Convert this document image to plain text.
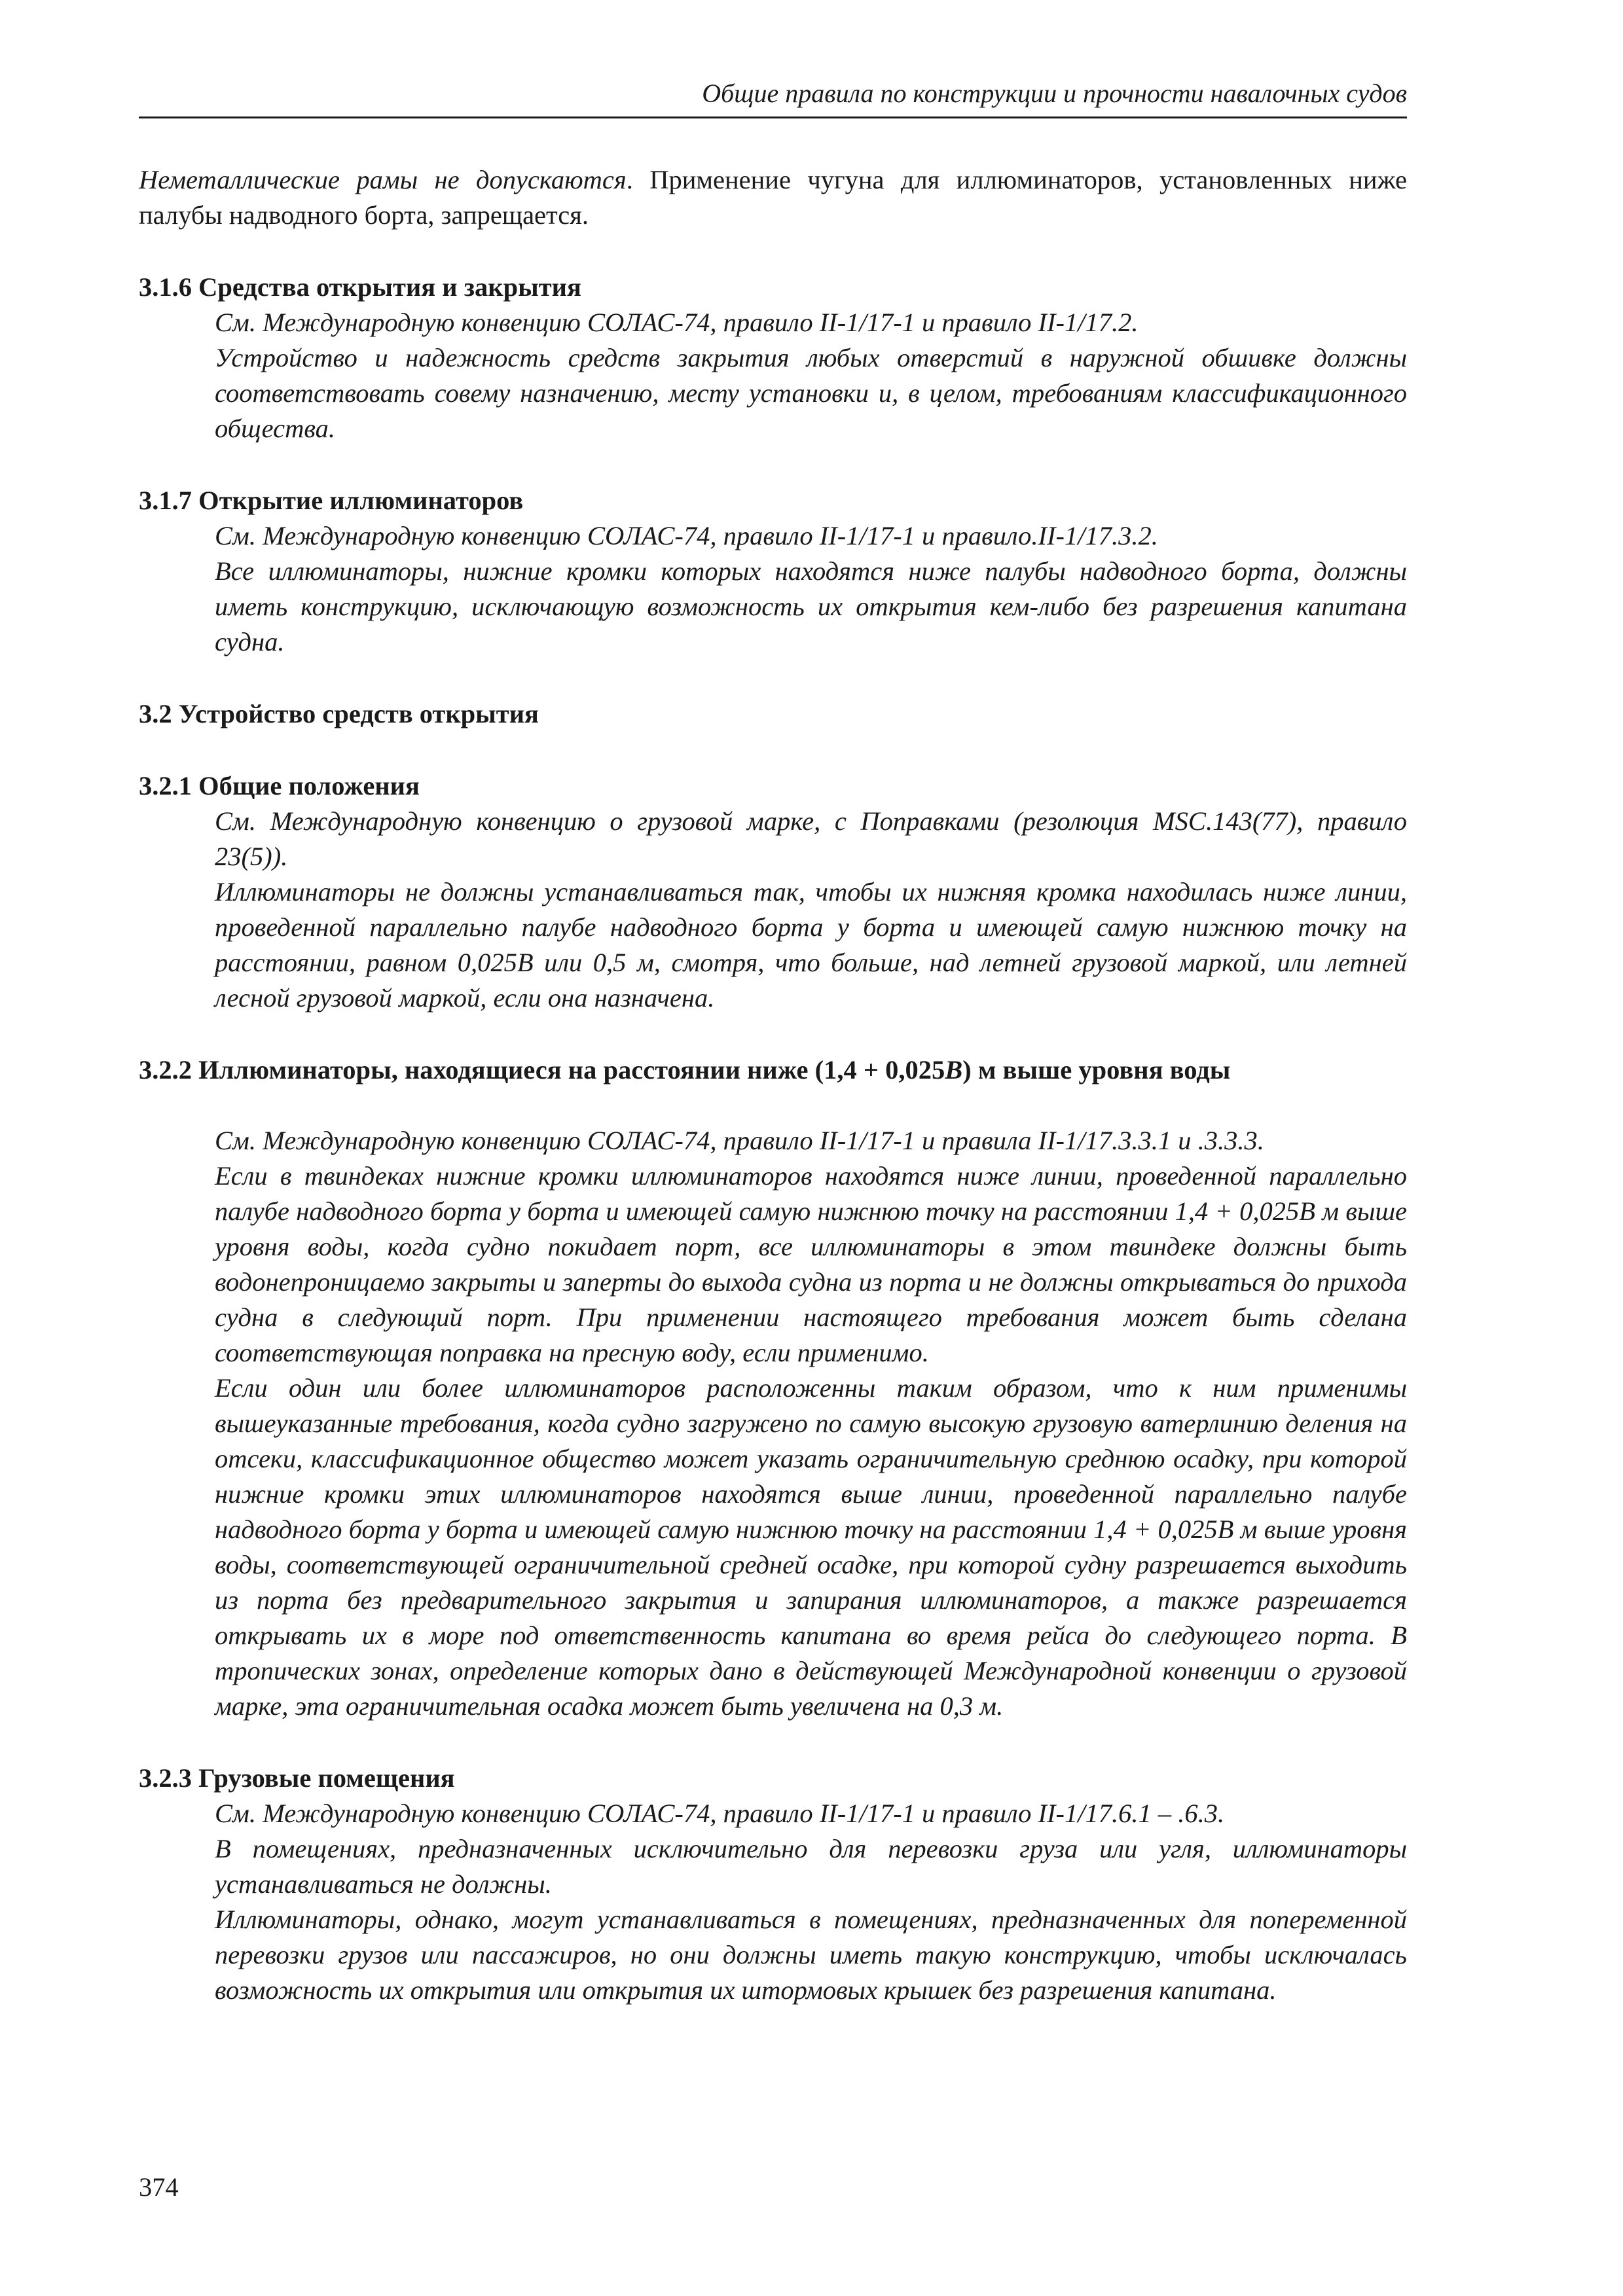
Общие правила по конструкции и прочности навалочных судов

Неметаллические рамы не допускаются. Применение чугуна для иллюминаторов, установленных ниже палубы надводного борта, запрещается.

3.1.6 Средства открытия и закрытия

См. Международную конвенцию СОЛАС-74, правило II-1/17-1 и правило II-1/17.2.

Устройство и надежность средств закрытия любых отверстий в наружной обшивке должны соответствовать совему назначению, месту установки и, в целом, требованиям классификационного общества.

3.1.7 Открытие иллюминаторов

См. Международную конвенцию СОЛАС-74, правило II-1/17-1 и правило.II-1/17.3.2.

Все иллюминаторы, нижние кромки которых находятся ниже палубы надводного борта, должны иметь конструкцию, исключающую возможность их открытия кем-либо без разрешения капитана судна.

3.2 Устройство средств открытия

3.2.1 Общие положения

См. Международную конвенцию о грузовой марке, с Поправками (резолюция MSC.143(77), правило 23(5)).

Иллюминаторы не должны устанавливаться так, чтобы их нижняя кромка находилась ниже линии, проведенной параллельно палубе надводного борта у борта и имеющей самую нижнюю точку на расстоянии, равном 0,025B или 0,5 м, смотря, что больше, над летней грузовой маркой, или летней лесной грузовой маркой, если она назначена.

3.2.2 Иллюминаторы, находящиеся на расстоянии ниже (1,4 + 0,025B) м выше уровня воды

См. Международную конвенцию СОЛАС-74, правило II-1/17-1 и правила II-1/17.3.3.1 и .3.3.3.

Если в твиндеках нижние кромки иллюминаторов находятся ниже линии, проведенной параллельно палубе надводного борта у борта и имеющей самую нижнюю точку на расстоянии 1,4 + 0,025B м выше уровня воды, когда судно покидает порт, все иллюминаторы в этом твиндеке должны быть водонепроницаемо закрыты и заперты до выхода судна из порта и не должны открываться до прихода судна в следующий порт. При применении настоящего требования может быть сделана соответствующая поправка на пресную воду, если применимо.

Если один или более иллюминаторов расположенны таким образом, что к ним применимы вышеуказанные требования, когда судно загружено по самую высокую грузовую ватерлинию деления на отсеки, классификационное общество может указать ограничительную среднюю осадку, при которой нижние кромки этих иллюминаторов находятся выше линии, проведенной параллельно палубе надводного борта у борта и имеющей самую нижнюю точку на расстоянии 1,4 + 0,025B м выше уровня воды, соответствующей ограничительной средней осадке, при которой судну разрешается выходить из порта без предварительного закрытия и запирания иллюминаторов, а также разрешается открывать их в море под ответственность капитана во время рейса до следующего порта. В тропических зонах, определение которых дано в действующей Международной конвенции о грузовой марке, эта ограничительная осадка может быть увеличена на 0,3 м.

3.2.3 Грузовые помещения

См. Международную конвенцию СОЛАС-74, правило II-1/17-1 и правило II-1/17.6.1 – .6.3.

В помещениях, предназначенных исключительно для перевозки груза или угля, иллюминаторы устанавливаться не должны.

Иллюминаторы, однако, могут устанавливаться в помещениях, предназначенных для попеременной перевозки грузов или пассажиров, но они должны иметь такую конструкцию, чтобы исключалась возможность их открытия или открытия их штормовых крышек без разрешения капитана.

374
